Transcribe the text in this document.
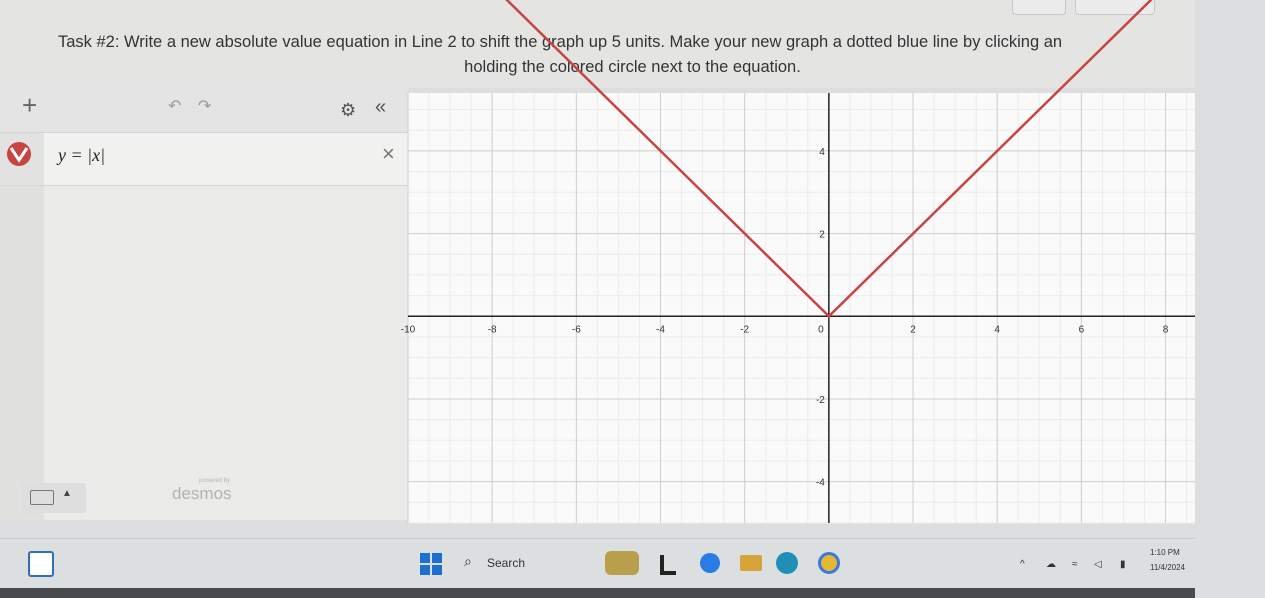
Task #2: Write a new absolute value equation in Line 2 to shift the graph up 5 units. Make your new graph a dotted blue line by clicking an
holding the colored circle next to the equation.
+	↶ ↷	⚙ «
y = |x|	×
▲
powered by
desmos
-10	-8	-6	-4	-2	0	2	4	6	8
4
2
-2
-4
⌕ Search	^ ☁ ≈ ◁ ▮
1:10 PM
11/4/2024
